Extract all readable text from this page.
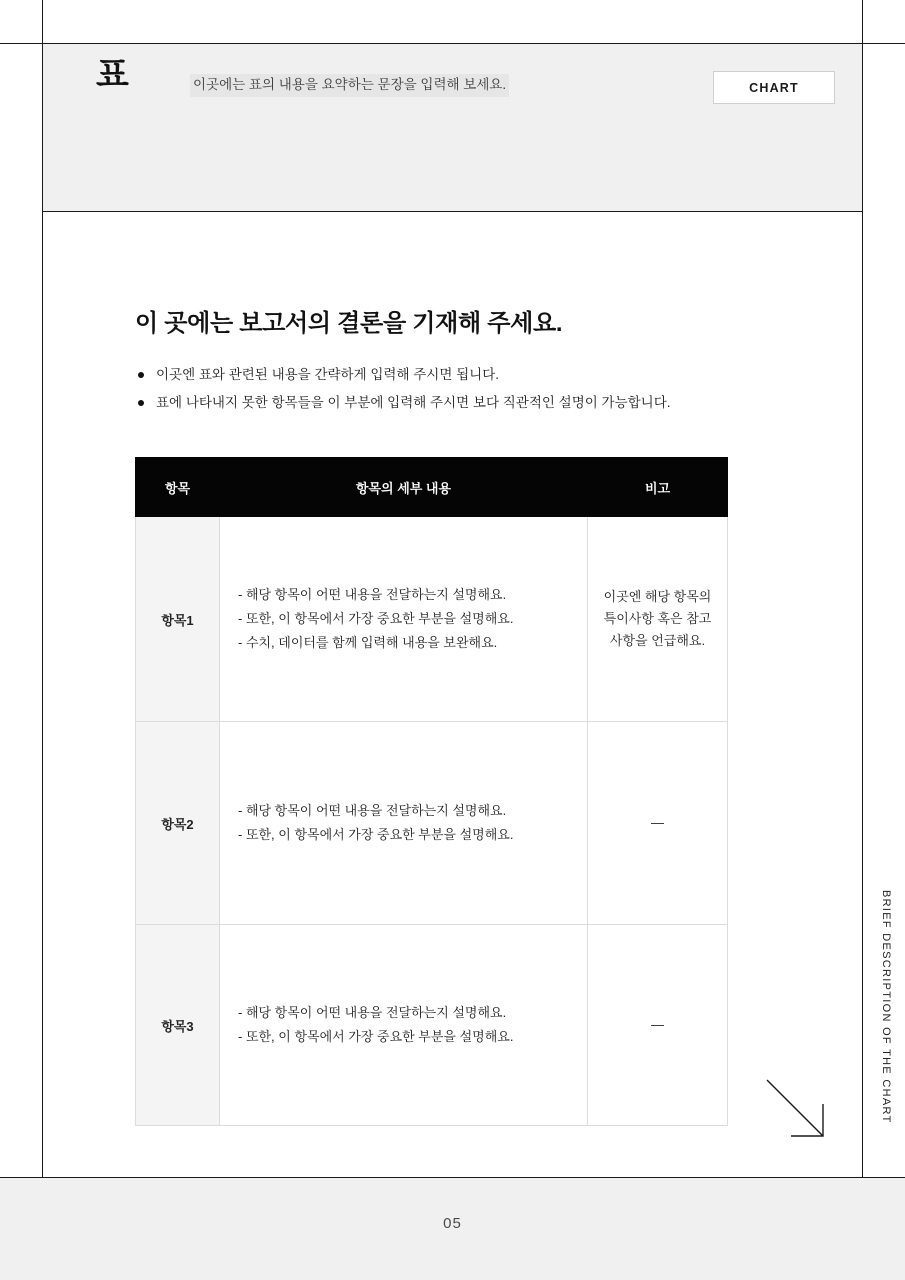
CHART
표	이곳에는 표의 내용을 요약하는 문장을 입력해 보세요.
이 곳에는 보고서의 결론을 기재해 주세요.
이곳엔 표와 관련된 내용을 간략하게 입력해 주시면 됩니다.
표에 나타내지 못한 항목들을 이 부분에 입력해 주시면 보다 직관적인 설명이 가능합니다.
항목	항목의 세부 내용	비고
항목1	- 해당 항목이 어떤 내용을 전달하는지 설명해요.
- 또한, 이 항목에서 가장 중요한 부분을 설명해요.
- 수치, 데이터를 함께 입력해 내용을 보완해요.	이곳엔 해당 항목의 특이사항 혹은 참고 사항을 언급해요.
항목2	- 해당 항목이 어떤 내용을 전달하는지 설명해요.
- 또한, 이 항목에서 가장 중요한 부분을 설명해요.	—
항목3	- 해당 항목이 어떤 내용을 전달하는지 설명해요.
- 또한, 이 항목에서 가장 중요한 부분을 설명해요.	—	BRIEF DESCRIPTION OF THE CHART
05
